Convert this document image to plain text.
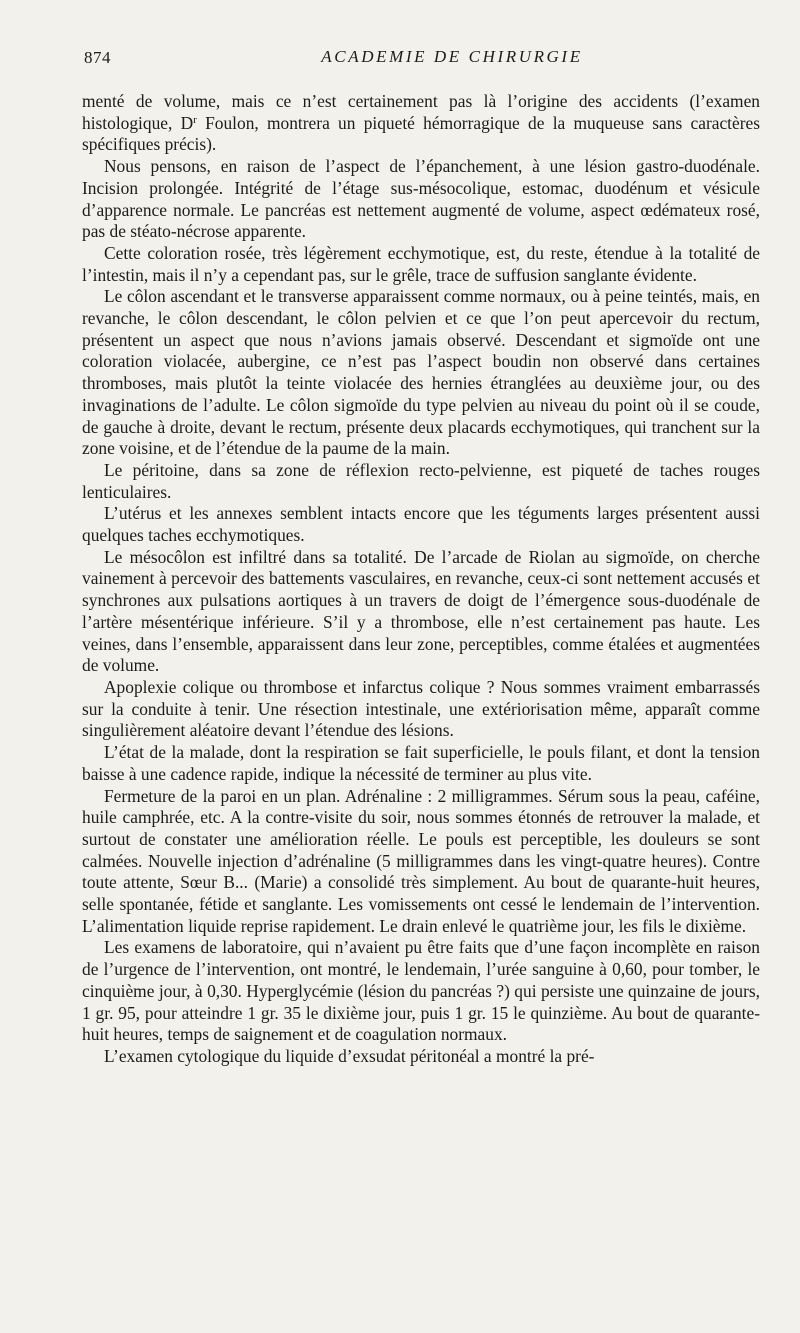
874	ACADEMIE DE CHIRURGIE

menté de volume, mais ce n’est certainement pas là l’origine des accidents (l’examen histologique, $D^r$ Foulon, montrera un piqueté hémorragique de la muqueuse sans caractères spécifiques précis).

Nous pensons, en raison de l’aspect de l’épanchement, à une lésion gastro-duodénale. Incision prolongée. Intégrité de l’étage sus-mésocolique, estomac, duodénum et vésicule d’apparence normale. Le pancréas est nettement augmenté de volume, aspect œdémateux rosé, pas de stéato-nécrose apparente.

Cette coloration rosée, très légèrement ecchymotique, est, du reste, étendue à la totalité de l’intestin, mais il n’y a cependant pas, sur le grêle, trace de suffusion sanglante évidente.

Le côlon ascendant et le transverse apparaissent comme normaux, ou à peine teintés, mais, en revanche, le côlon descendant, le côlon pelvien et ce que l’on peut apercevoir du rectum, présentent un aspect que nous n’avions jamais observé. Descendant et sigmoïde ont une coloration violacée, aubergine, ce n’est pas l’aspect boudin non observé dans certaines thromboses, mais plutôt la teinte violacée des hernies étranglées au deuxième jour, ou des invaginations de l’adulte. Le côlon sigmoïde du type pelvien au niveau du point où il se coude, de gauche à droite, devant le rectum, présente deux placards ecchymotiques, qui tranchent sur la zone voisine, et de l’étendue de la paume de la main.

Le péritoine, dans sa zone de réflexion recto-pelvienne, est piqueté de taches rouges lenticulaires.

L’utérus et les annexes semblent intacts encore que les téguments larges présentent aussi quelques taches ecchymotiques.

Le mésocôlon est infiltré dans sa totalité. De l’arcade de Riolan au sigmoïde, on cherche vainement à percevoir des battements vasculaires, en revanche, ceux-ci sont nettement accusés et synchrones aux pulsations aortiques à un travers de doigt de l’émergence sous-duodénale de l’artère mésentérique inférieure. S’il y a thrombose, elle n’est certainement pas haute. Les veines, dans l’ensemble, apparaissent dans leur zone, perceptibles, comme étalées et augmentées de volume.

Apoplexie colique ou thrombose et infarctus colique ? Nous sommes vraiment embarrassés sur la conduite à tenir. Une résection intestinale, une extériorisation même, apparaît comme singulièrement aléatoire devant l’étendue des lésions.

L’état de la malade, dont la respiration se fait superficielle, le pouls filant, et dont la tension baisse à une cadence rapide, indique la nécessité de terminer au plus vite.

Fermeture de la paroi en un plan. Adrénaline : 2 milligrammes. Sérum sous la peau, caféine, huile camphrée, etc. A la contre-visite du soir, nous sommes étonnés de retrouver la malade, et surtout de constater une amélioration réelle. Le pouls est perceptible, les douleurs se sont calmées. Nouvelle injection d’adrénaline (5 milligrammes dans les vingt-quatre heures). Contre toute attente, Sœur B... (Marie) a consolidé très simplement. Au bout de quarante-huit heures, selle spontanée, fétide et sanglante. Les vomissements ont cessé le lendemain de l’intervention. L’alimentation liquide reprise rapidement. Le drain enlevé le quatrième jour, les fils le dixième.

Les examens de laboratoire, qui n’avaient pu être faits que d’une façon incomplète en raison de l’urgence de l’intervention, ont montré, le lendemain, l’urée sanguine à 0,60, pour tomber, le cinquième jour, à 0,30. Hyperglycémie (lésion du pancréas ?) qui persiste une quinzaine de jours, 1 gr. 95, pour atteindre 1 gr. 35 le dixième jour, puis 1 gr. 15 le quinzième. Au bout de quarante-huit heures, temps de saignement et de coagulation normaux.

L’examen cytologique du liquide d’exsudat péritonéal a montré la pré-
